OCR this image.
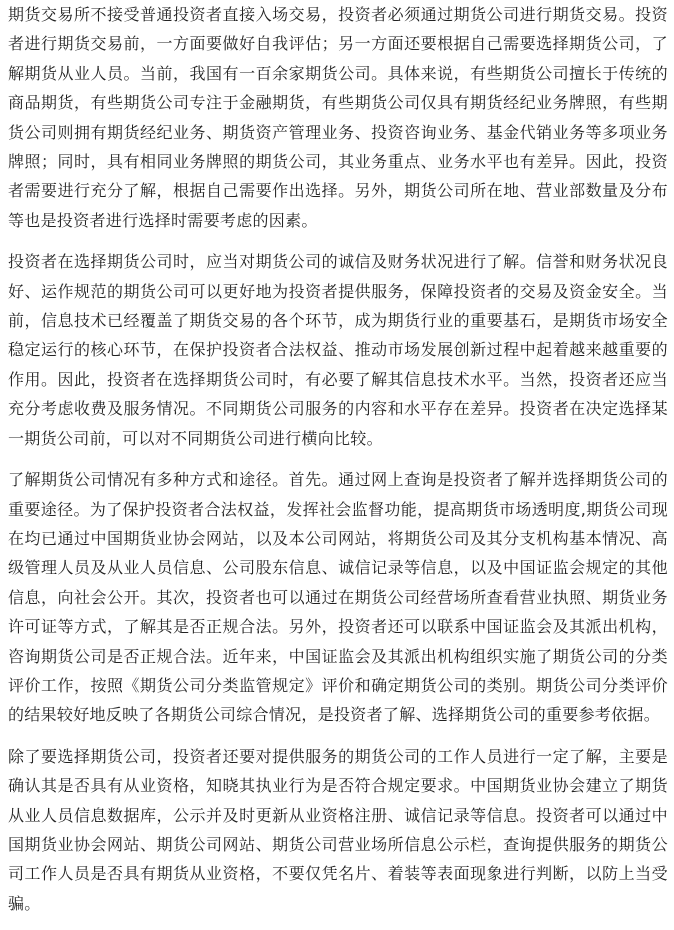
期货交易所不接受普通投资者直接入场交易，投资者必须通过期货公司进行期货交易。投资者进行期货交易前，一方面要做好自我评估；另一方面还要根据自己需要选择期货公司，了解期货从业人员。当前，我国有一百余家期货公司。具体来说，有些期货公司擅长于传统的商品期货，有些期货公司专注于金融期货，有些期货公司仅具有期货经纪业务牌照，有些期货公司则拥有期货经纪业务、期货资产管理业务、投资咨询业务、基金代销业务等多项业务牌照；同时，具有相同业务牌照的期货公司，其业务重点、业务水平也有差异。因此，投资者需要进行充分了解，根据自己需要作出选择。另外，期货公司所在地、营业部数量及分布等也是投资者进行选择时需要考虑的因素。

投资者在选择期货公司时，应当对期货公司的诚信及财务状况进行了解。信誉和财务状况良好、运作规范的期货公司可以更好地为投资者提供服务，保障投资者的交易及资金安全。当前，信息技术已经覆盖了期货交易的各个环节，成为期货行业的重要基石，是期货市场安全稳定运行的核心环节，在保护投资者合法权益、推动市场发展创新过程中起着越来越重要的作用。因此，投资者在选择期货公司时，有必要了解其信息技术水平。当然，投资者还应当充分考虑收费及服务情况。不同期货公司服务的内容和水平存在差异。投资者在决定选择某一期货公司前，可以对不同期货公司进行横向比较。

了解期货公司情况有多种方式和途径。首先。通过网上查询是投资者了解并选择期货公司的重要途径。为了保护投资者合法权益，发挥社会监督功能，提高期货市场透明度,期货公司现在均已通过中国期货业协会网站，以及本公司网站，将期货公司及其分支机构基本情况、高级管理人员及从业人员信息、公司股东信息、诚信记录等信息，以及中国证监会规定的其他信息，向社会公开。其次，投资者也可以通过在期货公司经营场所查看营业执照、期货业务许可证等方式，了解其是否正规合法。另外，投资者还可以联系中国证监会及其派出机构，咨询期货公司是否正规合法。近年来，中国证监会及其派出机构组织实施了期货公司的分类评价工作，按照《期货公司分类监管规定》评价和确定期货公司的类别。期货公司分类评价的结果较好地反映了各期货公司综合情况，是投资者了解、选择期货公司的重要参考依据。

除了要选择期货公司，投资者还要对提供服务的期货公司的工作人员进行一定了解，主要是确认其是否具有从业资格，知晓其执业行为是否符合规定要求。中国期货业协会建立了期货从业人员信息数据库，公示并及时更新从业资格注册、诚信记录等信息。投资者可以通过中国期货业协会网站、期货公司网站、期货公司营业场所信息公示栏，查询提供服务的期货公司工作人员是否具有期货从业资格，不要仅凭名片、着装等表面现象进行判断，以防上当受骗。
